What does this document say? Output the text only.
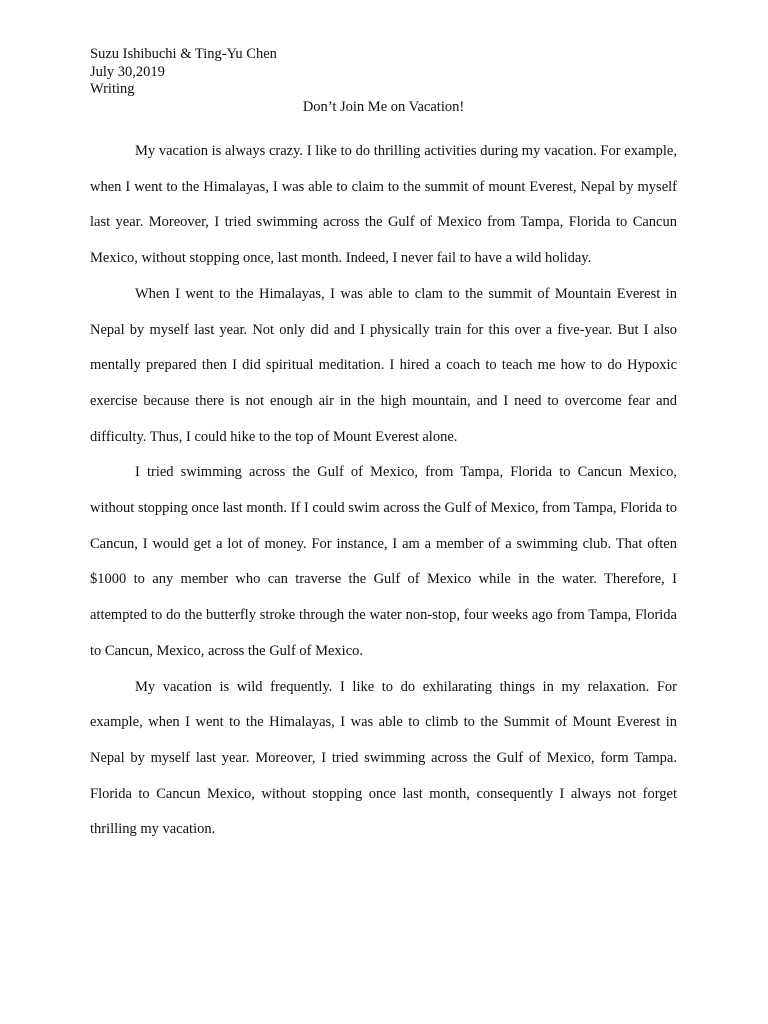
Suzu Ishibuchi & Ting-Yu Chen

July 30,2019

Writing

Don’t Join Me on Vacation!

My vacation is always crazy. I like to do thrilling activities during my vacation. For example, when I went to the Himalayas, I was able to claim to the summit of mount Everest, Nepal by myself last year. Moreover, I tried swimming across the Gulf of Mexico from Tampa, Florida to Cancun Mexico, without stopping once, last month. Indeed, I never fail to have a wild holiday.

When I went to the Himalayas, I was able to clam to the summit of Mountain Everest in Nepal by myself last year. Not only did and I physically train for this over a five-year. But I also mentally prepared then I did spiritual meditation. I hired a coach to teach me how to do Hypoxic exercise because there is not enough air in the high mountain, and I need to overcome fear and difficulty. Thus, I could hike to the top of Mount Everest alone.

I tried swimming across the Gulf of Mexico, from Tampa, Florida to Cancun Mexico, without stopping once last month. If I could swim across the Gulf of Mexico, from Tampa, Florida to Cancun, I would get a lot of money. For instance, I am a member of a swimming club. That often $1000 to any member who can traverse the Gulf of Mexico while in the water. Therefore, I attempted to do the butterfly stroke through the water non-stop, four weeks ago from Tampa, Florida to Cancun, Mexico, across the Gulf of Mexico.

My vacation is wild frequently. I like to do exhilarating things in my relaxation. For example, when I went to the Himalayas, I was able to climb to the Summit of Mount Everest in Nepal by myself last year. Moreover, I tried swimming across the Gulf of Mexico, form Tampa. Florida to Cancun Mexico, without stopping once last month, consequently I always not forget thrilling my vacation.
